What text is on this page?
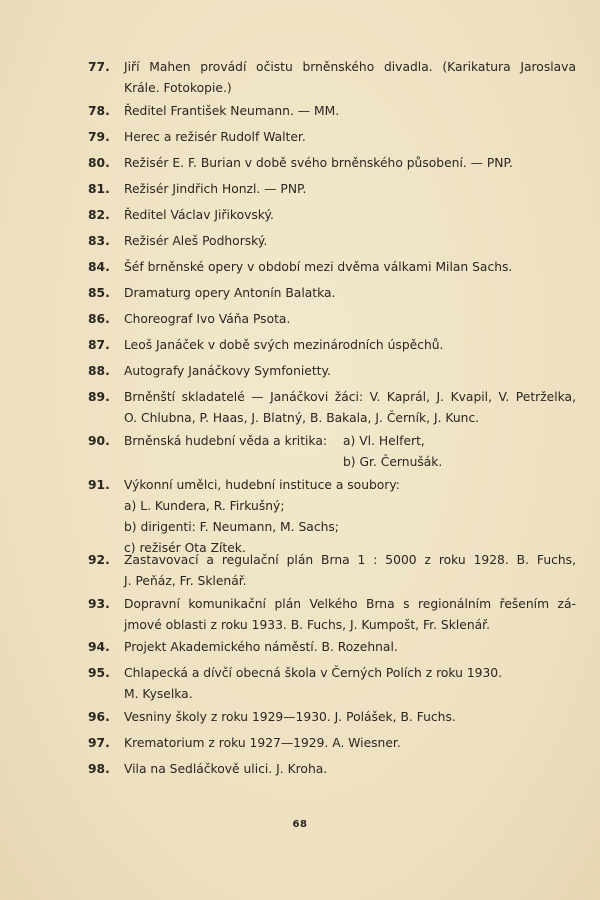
77.	Jiří Mahen provádí očistu brněnského divadla. (Karikatura Jaroslava
Krále. Fotokopie.)
78.	Ředitel František Neumann. — MM.
79.	Herec a režisér Rudolf Walter.
80.	Režisér E. F. Burian v době svého brněnského působení. — PNP.
81.	Režisér Jindřich Honzl. — PNP.
82.	Ředitel Václav Jiřikovský.
83.	Režisér Aleš Podhorský.
84.	Šéf brněnské opery v období mezi dvěma válkami Milan Sachs.
85.	Dramaturg opery Antonín Balatka.
86.	Choreograf Ivo Váňa Psota.
87.	Leoš Janáček v době svých mezinárodních úspěchů.
88.	Autografy Janáčkovy Symfonietty.
89.	Brněnští skladatelé — Janáčkovi žáci: V. Kaprál, J. Kvapil, V. Petrželka,
O. Chlubna, P. Haas, J. Blatný, B. Bakala, J. Černík, J. Kunc.
90.	Brněnská hudební věda a kritika:	a) Vl. Helfert,
b) Gr. Černušák.
91.	Výkonní umělci, hudební instituce a soubory:
a) L. Kundera, R. Firkušný;
b) dirigenti: F. Neumann, M. Sachs;
c) režisér Ota Zítek.
92.	Zastavovací a regulační plán Brna 1 : 5000 z roku 1928. B. Fuchs,
J. Peňáz, Fr. Sklenář.
93.	Dopravní komunikační plán Velkého Brna s regionálním řešením zá-
jmové oblasti z roku 1933. B. Fuchs, J. Kumpošt, Fr. Sklenář.
94.	Projekt Akademického náměstí. B. Rozehnal.
95.	Chlapecká a dívčí obecná škola v Černých Polích z roku 1930.
M. Kyselka.
96.	Vesniny školy z roku 1929—1930. J. Polášek, B. Fuchs.
97.	Krematorium z roku 1927—1929. A. Wiesner.
98.	Vila na Sedláčkově ulici. J. Kroha.
68
